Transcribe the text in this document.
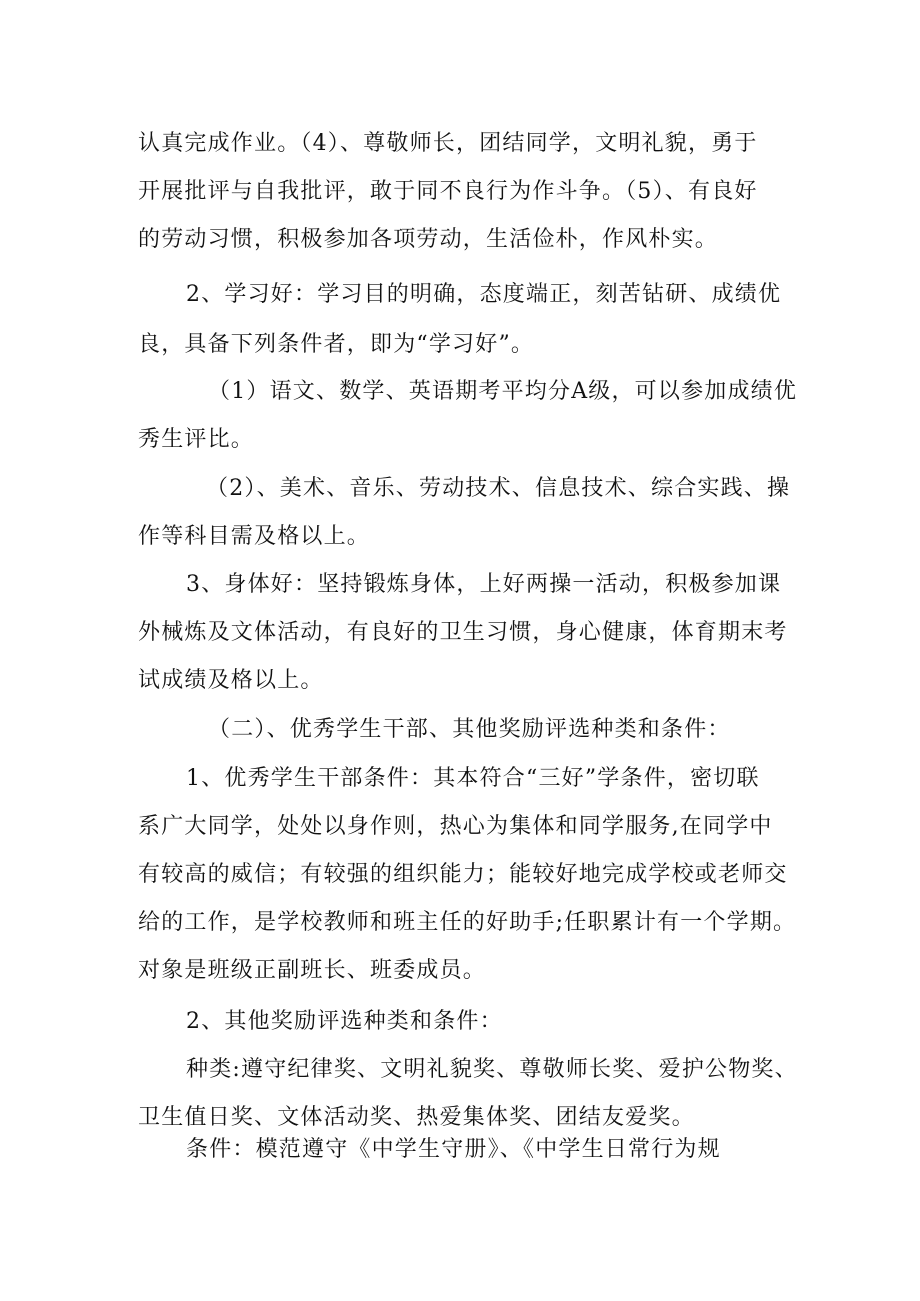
认真完成作业。（4）、尊敬师长，团结同学，文明礼貌，勇于
开展批评与自我批评，敢于同不良行为作斗争。（5）、有良好
的劳动习惯，积极参加各项劳动，生活俭朴，作风朴实。
2、学习好：学习目的明确，态度端正，刻苦钻研、成绩优
良，具备下列条件者，即为“学习好”。
（1）语文、数学、英语期考平均分A级，可以参加成绩优
秀生评比。
（2）、美术、音乐、劳动技术、信息技术、综合实践、操
作等科目需及格以上。
3、身体好：坚持锻炼身体，上好两操一活动，积极参加课
外械炼及文体活动，有良好的卫生习惯，身心健康，体育期末考
试成绩及格以上。
（二）、优秀学生干部、其他奖励评选种类和条件：
1、优秀学生干部条件：其本符合“三好”学条件，密切联
系广大同学，处处以身作则，热心为集体和同学服务,在同学中
有较高的威信；有较强的组织能力；能较好地完成学校或老师交
给的工作，是学校教师和班主任的好助手;任职累计有一个学期。
对象是班级正副班长、班委成员。
2、其他奖励评选种类和条件：
种类:遵守纪律奖、文明礼貌奖、尊敬师长奖、爱护公物奖、
卫生值日奖、文体活动奖、热爱集体奖、团结友爱奖。
条件：模范遵守《中学生守册》、《中学生日常行为规
